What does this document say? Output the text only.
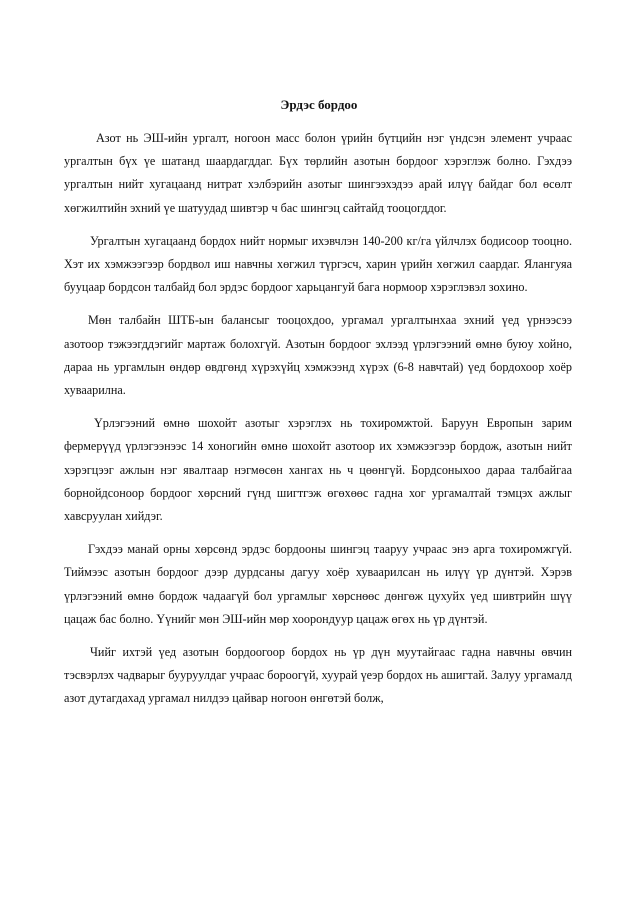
Эрдэс бордоо

Азот нь ЭШ-ийн ургалт, ногоон масс болон үрийн бүтцийн нэг үндсэн элемент учраас ургалтын бүх үе шатанд шаардагддаг. Бүх төрлийн азотын бордоог хэрэглэж болно. Гэхдээ ургалтын нийт хугацаанд нитрат хэлбэрийн азотыг шингээхэдээ арай илүү байдаг бол өсөлт хөгжилтийн эхний үе шатуудад шивтэр ч бас шингэц сайтайд тооцогддог.

Ургалтын хугацаанд бордох нийт нормыг ихэвчлэн 140-200 кг/га үйлчлэх бодисоор тооцно. Хэт их хэмжээгээр бордвол иш навчны хөгжил түргэсч, харин үрийн хөгжил саардаг. Ялангуяа бууцаар бордсон талбайд бол эрдэс бордоог харьцангуй бага нормоор хэрэглэвэл зохино.

Мөн талбайн ШТБ-ын балансыг тооцохдоо, ургамал ургалтынхаа эхний үед үрнээсээ азотоор тэжээгддэгийг мартаж болохгүй. Азотын бордоог эхлээд үрлэгээний өмнө буюу хойно, дараа нь ургамлын өндөр өвдгөнд хүрэхүйц хэмжээнд хүрэх (6-8 навчтай) үед бордохоор хоёр хуваарилна.

Үрлэгээний өмнө шохойт азотыг хэрэглэх нь тохиромжтой. Баруун Европын зарим фермерүүд үрлэгээнээс 14 хоногийн өмнө шохойт азотоор их хэмжээгээр бордож, азотын нийт хэрэгцээг ажлын нэг явалтаар нэгмөсөн хангах нь ч цөөнгүй. Бордсоныхоо дараа талбайгаа борнойдсоноор бордоог хөрсний гүнд шигтгэж өгөхөөс гадна хог ургамалтай тэмцэх ажлыг хавсруулан хийдэг.

Гэхдээ манай орны хөрсөнд эрдэс бордооны шингэц тааруу учраас энэ арга тохиромжгүй. Тиймээс азотын бордоог дээр дурдсаны дагуу хоёр хуваарилсан нь илүү үр дүнтэй. Хэрэв үрлэгээний өмнө бордож чадаагүй бол ургамлыг хөрснөөс дөнгөж цухуйх үед шивтрийн шүү цацаж бас болно. Үүнийг мөн ЭШ-ийн мөр хоорондуур цацаж өгөх нь үр дүнтэй.

Чийг ихтэй үед азотын бордоогоор бордох нь үр дүн муутайгаас гадна навчны өвчин тэсвэрлэх чадварыг бууруулдаг учраас бороогүй, хуурай үеэр бордох нь ашигтай. Залуу ургамалд азот дутагдахад ургамал нилдээ цайвар ногоон өнгөтэй болж,
